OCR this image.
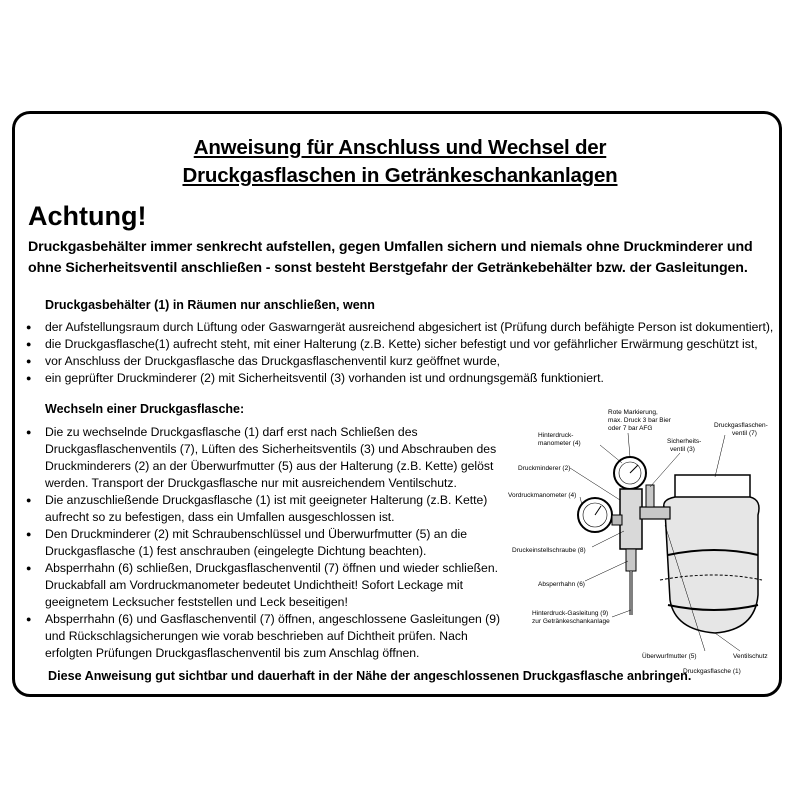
Anweisung für Anschluss und Wechsel der
Druckgasflaschen in Getränkeschankanlagen
Achtung!
Druckgasbehälter immer senkrecht aufstellen, gegen Umfallen sichern und niemals ohne Druckminderer und
ohne Sicherheitsventil anschließen - sonst besteht Berstgefahr der Getränkebehälter bzw. der Gasleitungen.
Druckgasbehälter (1) in Räumen nur anschließen, wenn
● der Aufstellungsraum durch Lüftung oder Gaswarngerät ausreichend abgesichert ist (Prüfung durch befähigte Person ist dokumentiert),
● die Druckgasflasche(1) aufrecht steht, mit einer Halterung (z.B. Kette) sicher befestigt und vor gefährlicher Erwärmung geschützt ist,
● vor Anschluss der Druckgasflasche das Druckgasflaschenventil kurz geöffnet wurde,
● ein geprüfter Druckminderer (2) mit Sicherheitsventil (3) vorhanden ist und ordnungsgemäß funktioniert.
Wechseln einer Druckgasflasche:
● Die zu wechselnde Druckgasflasche (1) darf erst nach Schließen des Druckgasflaschenventils (7), Lüften des Sicherheitsventils (3) und Abschrauben des Druckminderers (2) an der Überwurfmutter (5) aus der Halterung (z.B. Kette) gelöst werden. Transport der Druckgasflasche nur mit ausreichendem Ventilschutz.
● Die anzuschließende Druckgasflasche (1) ist mit geeigneter Halterung (z.B. Kette) aufrecht so zu befestigen, dass ein Umfallen ausgeschlossen ist.
● Den Druckminderer (2) mit Schraubenschlüssel und Überwurfmutter (5) an die Druckgasflasche (1) fest anschrauben (eingelegte Dichtung beachten).
● Absperrhahn (6) schließen, Druckgasflaschenventil (7) öffnen und wieder schließen. Druckabfall am Vordruckmanometer bedeutet Undichtheit! Sofort Leckage mit geeignetem Lecksucher feststellen und Leck beseitigen!
● Absperrhahn (6) und Gasflaschenventil (7) öffnen, angeschlossene Gasleitungen (9) und Rückschlagsicherungen wie vorab beschrieben auf Dichtheit prüfen. Nach erfolgten Prüfungen Druckgasflaschenventil bis zum Anschlag öffnen.
Rote Markierung,
max. Druck 3 bar Bier
oder 7 bar AFG
Hinterdruck-
manometer (4)
Druckgasflaschen-
ventil (7)
Sicherheits-
ventil (3)
Druckminderer (2)
Vordruckmanometer (4)
Druckeinstellschraube (8)
Absperrhahn (6)
Hinterdruck-Gasleitung (9)
zur Getränkeschankanlage
Überwurfmutter (5)	Ventilschutz
Druckgasflasche (1)
Diese Anweisung gut sichtbar und dauerhaft in der Nähe der angeschlossenen Druckgasflasche anbringen.
